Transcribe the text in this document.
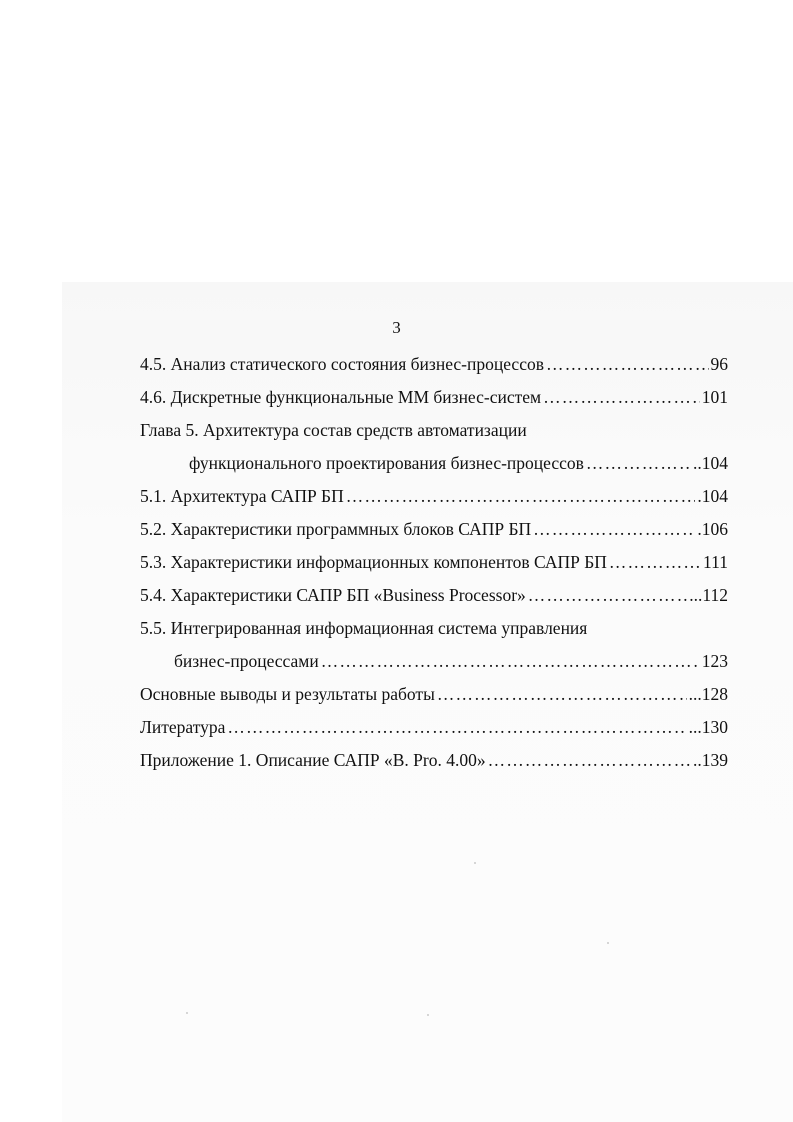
3
4.5. Анализ статического состояния бизнес-процессов ………………………………………………………………………………………………………………………………………………………………	96
4.6. Дискретные функциональные ММ бизнес-систем ………………………………………………………………………………………………………………………………………………………………	101
Глава 5. Архитектура состав средств автоматизации
функционального проектирования бизнес-процессов ………………………………………………………………………………………………………………………………………………………………	..104
5.1. Архитектура САПР БП ………………………………………………………………………………………………………………………………………………………………	.104
5.2. Характеристики программных блоков САПР БП ………………………………………………………………………………………………………………………………………………………………	.106
5.3. Характеристики информационных компонентов САПР БП ………………………………………………………………………………………………………………………………………………………………	111
5.4. Характеристики САПР БП «Business Processor» ………………………………………………………………………………………………………………………………………………………………	...112
5.5. Интегрированная информационная система управления
бизнес-процессами ………………………………………………………………………………………………………………………………………………………………	123
Основные выводы и результаты работы ………………………………………………………………………………………………………………………………………………………………	...128
Литература ………………………………………………………………………………………………………………………………………………………………	...130
Приложение 1. Описание САПР «В. Pro. 4.00» ………………………………………………………………………………………………………………………………………………………………	..139
